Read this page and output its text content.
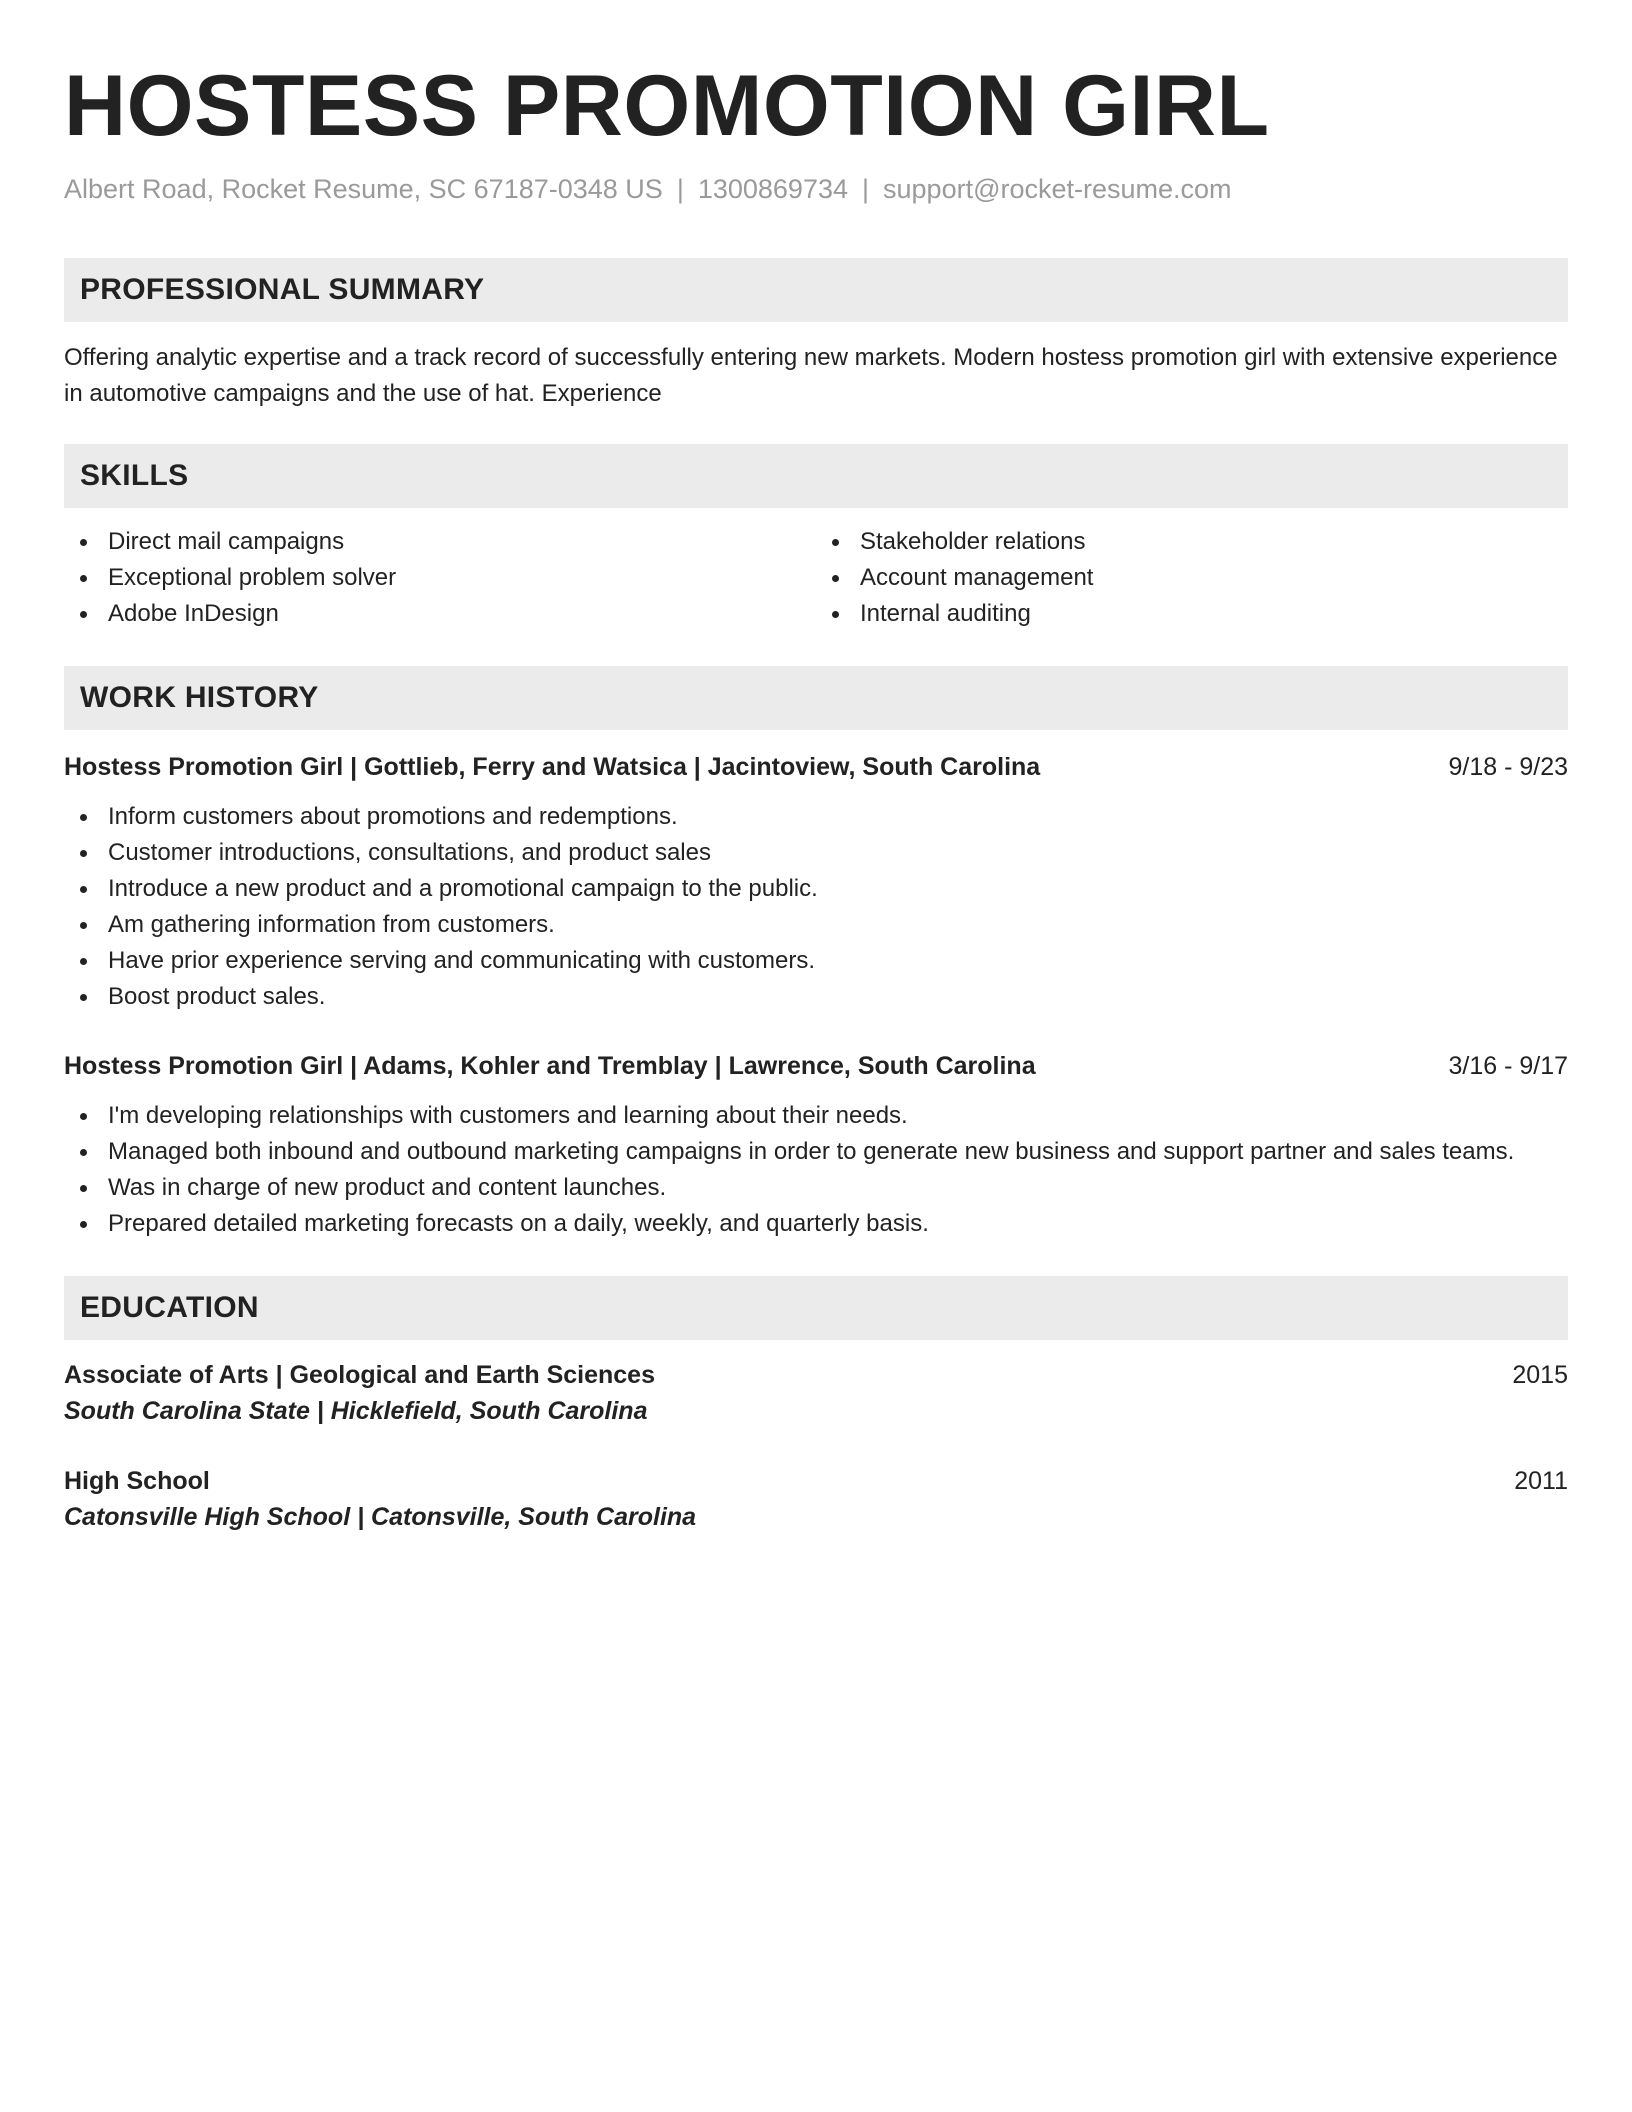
HOSTESS PROMOTION GIRL
Albert Road, Rocket Resume, SC 67187-0348 US | 1300869734 | support@rocket-resume.com
PROFESSIONAL SUMMARY

Offering analytic expertise and a track record of successfully entering new markets. Modern hostess promotion girl with extensive experience in automotive campaigns and the use of hat. Experience

SKILLS
Direct mail campaigns
Exceptional problem solver
Adobe InDesign
Stakeholder relations
Account management
Internal auditing
WORK HISTORY
Hostess Promotion Girl | Gottlieb, Ferry and Watsica | Jacintoview, South Carolina	9/18 - 9/23
Inform customers about promotions and redemptions.
Customer introductions, consultations, and product sales
Introduce a new product and a promotional campaign to the public.
Am gathering information from customers.
Have prior experience serving and communicating with customers.
Boost product sales.
Hostess Promotion Girl | Adams, Kohler and Tremblay | Lawrence, South Carolina	3/16 - 9/17
I'm developing relationships with customers and learning about their needs.
Managed both inbound and outbound marketing campaigns in order to generate new business and support partner and sales teams.
Was in charge of new product and content launches.
Prepared detailed marketing forecasts on a daily, weekly, and quarterly basis.
EDUCATION
Associate of Arts | Geological and Earth Sciences	2015
South Carolina State | Hicklefield, South Carolina
High School	2011
Catonsville High School | Catonsville, South Carolina
